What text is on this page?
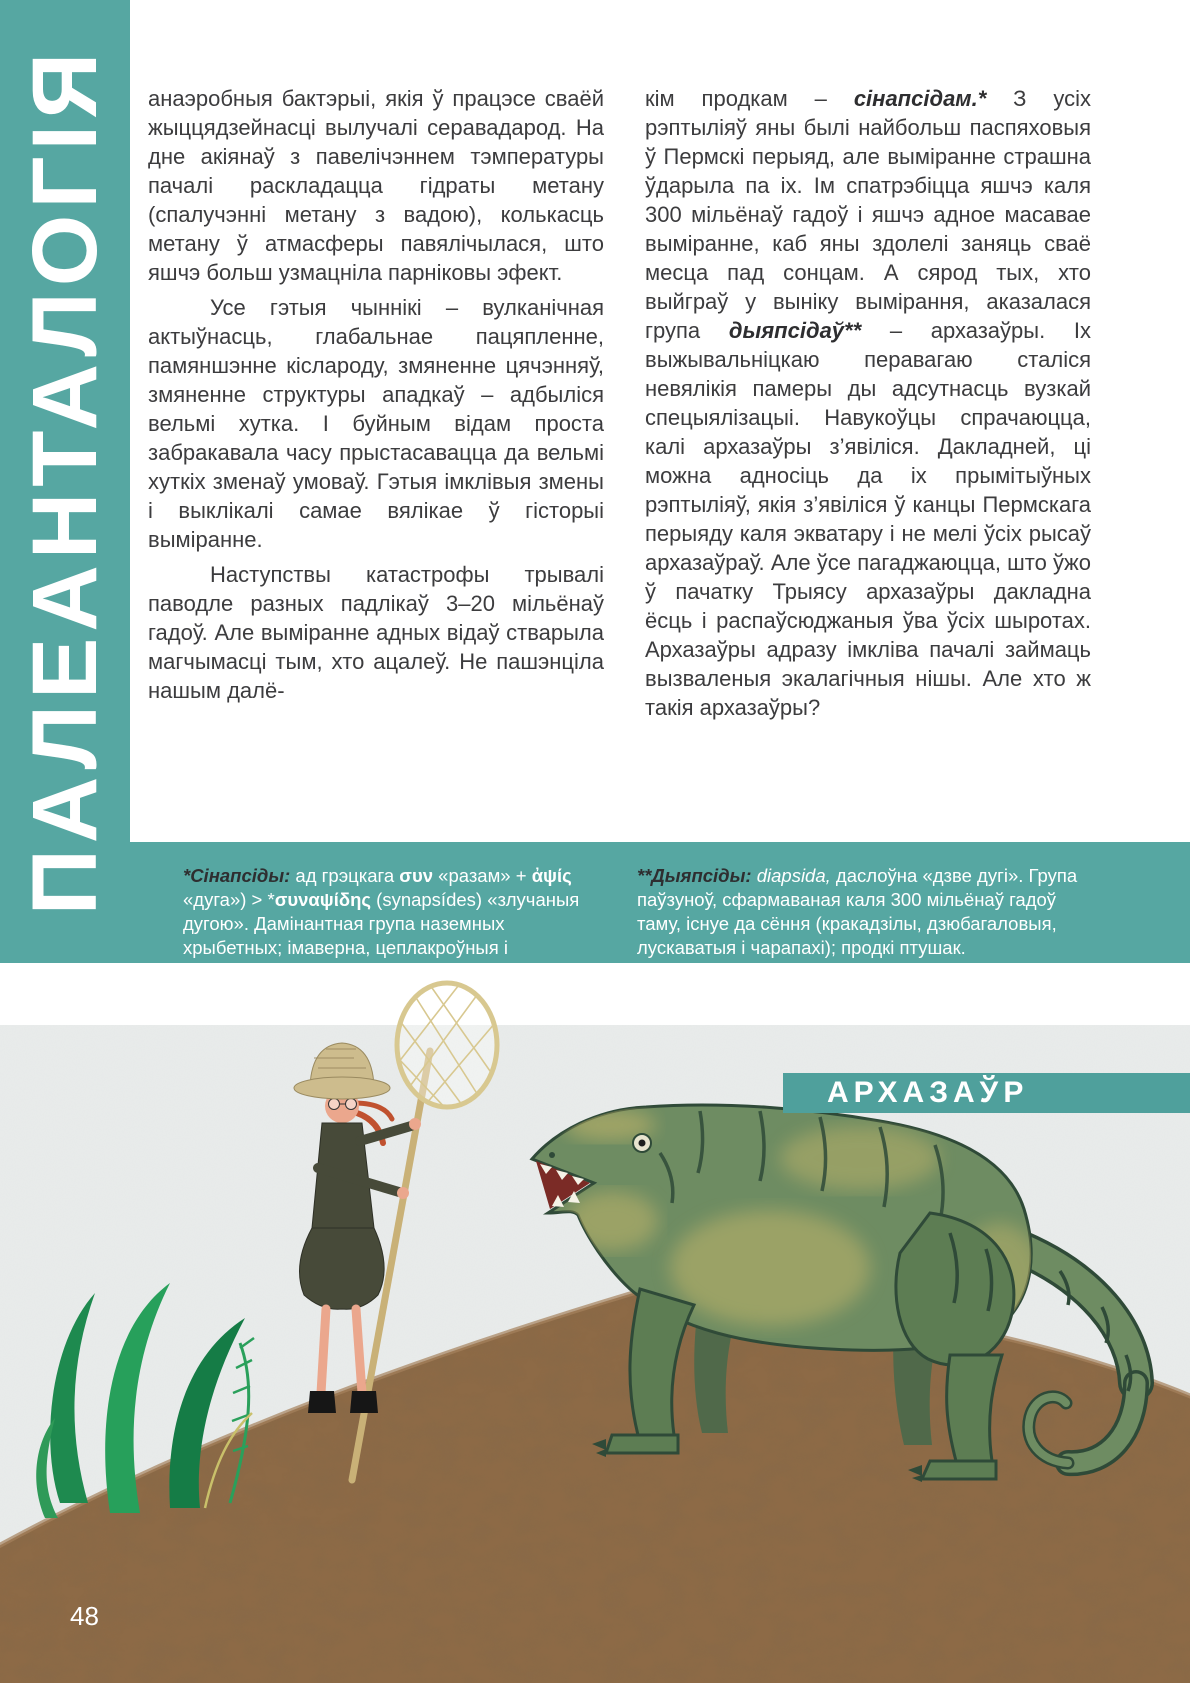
ПАЛЕАНТАЛОГІЯ	анаэробныя бактэрыі, якія ў працэсе сваёй жыццядзейнасці вылучалі серавадарод. На дне акіянаў з павелічэннем тэмпературы пачалі раскладацца гідраты метану (спалучэнні метану з вадою), колькасць метану ў атмасферы павялічылася, што яшчэ больш узмацніла парніковы эфект.

Усе гэтыя чыннікі – вулканічная актыўнасць, глабальнае пацяпленне, памяншэнне кіслароду, змяненне цячэнняў, змяненне структуры ападкаў – адбыліся вельмі хутка. І буйным відам проста забракавала часу прыстасавацца да вельмі хуткіх зменаў умоваў. Гэтыя імклівыя змены і выклікалі самае вялікае ў гісторыі выміранне.

Наступствы катастрофы трывалі паводле разных падлікаў 3–20 мільёнаў гадоў. Але выміранне адных відаў стварыла магчымасці тым, хто ацалеў. Не пашэнціла нашым далё-

кім продкам – сінапсідам.* З усіх рэптыліяў яны былі найбольш паспяховыя ў Пермскі перыяд, але выміранне страшна ўдарыла па іх. Ім спатрэбіцца яшчэ каля 300 мільёнаў гадоў і яшчэ адное масавае выміранне, каб яны здолелі заняць сваё месца пад сонцам. А сярод тых, хто выйграў у выніку вымірання, аказалася група дыяпсідаў** – архазаўры. Іх выжывальніцкаю перавагаю сталіся невялікія памеры ды адсутнасць вузкай спецыялізацыі. Навукоўцы спрачаюцца, калі архазаўры з’явіліся. Дакладней, ці можна адносіць да іх прымітыўных рэптыліяў, якія з’явіліся ў канцы Пермскага перыяду каля экватару і не мелі ўсіх рысаў архазаўраў. Але ўсе пагаджаюцца, што ўжо ў пачатку Трыясу архазаўры дакладна ёсць і распаўсюджаныя ўва ўсіх шыротах. Архазаўры адразу імкліва пачалі займаць вызваленыя экалагічныя нішы. Але хто ж такія архазаўры?

*Сінапсіды: ад грэцкага συν «разам» + ἀψίς «дуга») > *συναψίδης (synapsídes) «злучаныя дугою». Дамінантная група наземных хрыбетных; імаверна, цеплакроўныя і драпежнікі; продкі сысуноў.
**Дыяпсіды: diapsida, даслоўна «дзве дугі». Група паўзуноў, сфармаваная каля 300 мільёнаў гадоў таму, існуе да сёння (кракадзілы, дзюбагаловыя, лускаватыя і чарапахі); продкі птушак.
АРХАЗАЎР
48
